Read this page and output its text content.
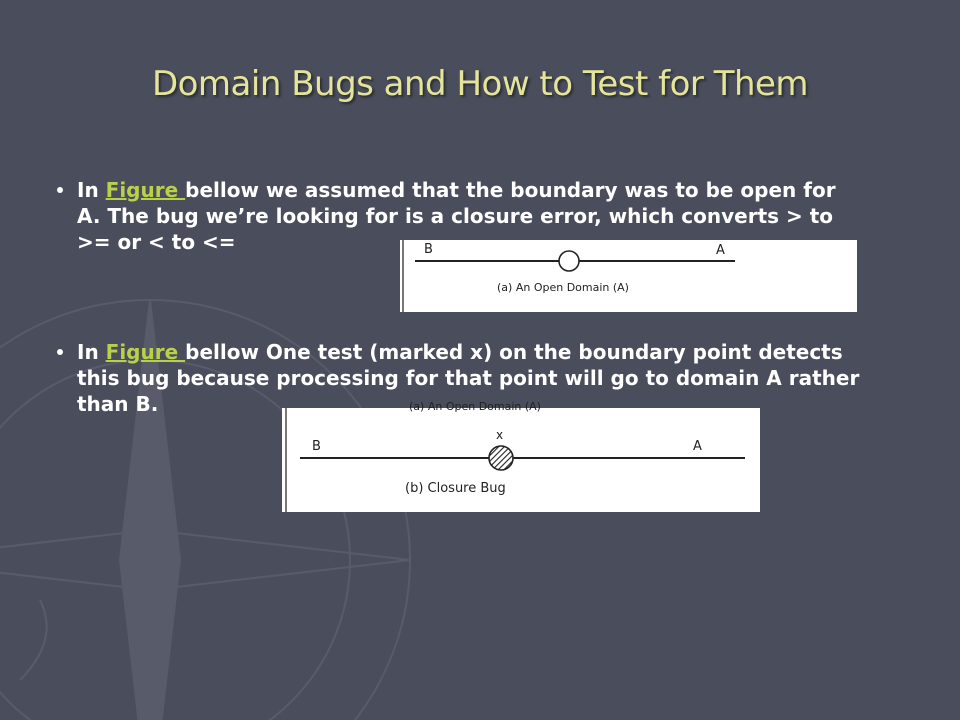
Domain Bugs and How to Test for Them
In Figure bellow we assumed that the boundary was to be open for
A. The bug we’re looking for is a closure error, which converts > to
>= or < to <=	B	A
(a) An Open Domain (A)
In Figure bellow One test (marked x) on the boundary point detects
this bug because processing for that point will go to domain A rather
than B.	(a) An Open Domain (A)
B
x
A
(b) Closure Bug
